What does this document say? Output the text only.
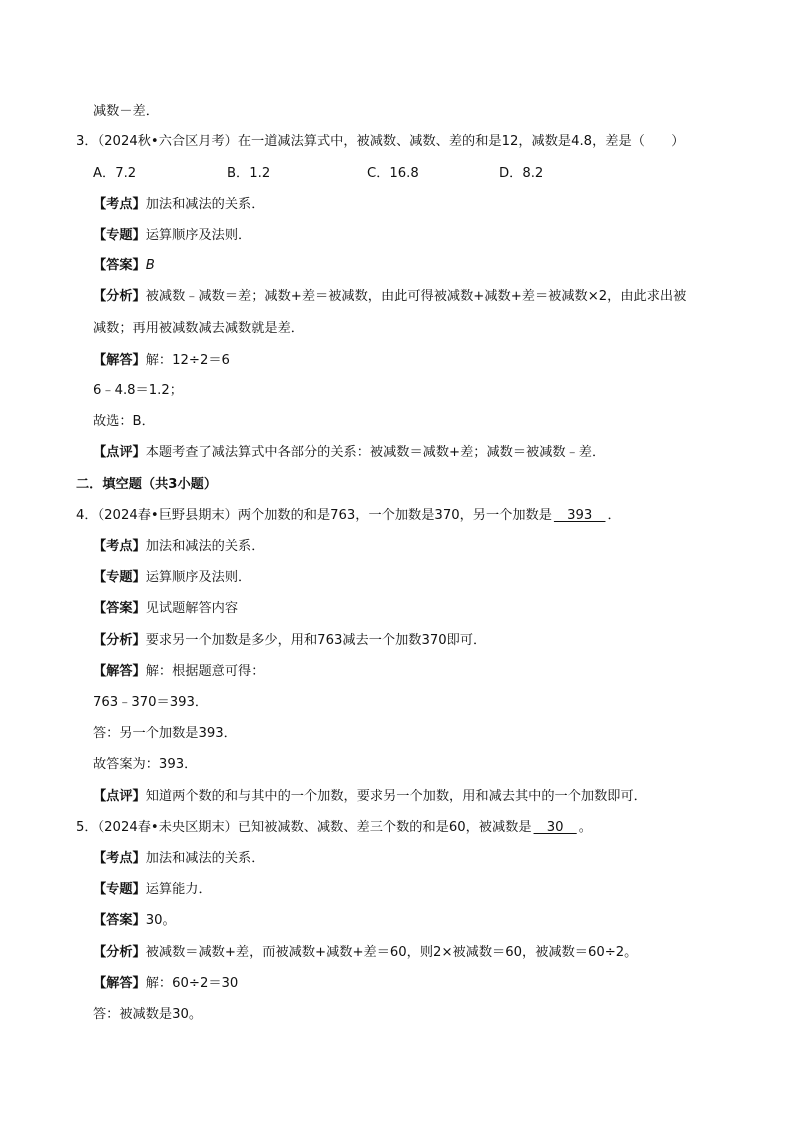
减数－差．
3．（2024秋•六合区月考）在一道减法算式中，被减数、减数、差的和是12，减数是4.8，差是（　　）
A．7.2	B．1.2	C．16.8	D．8.2
【考点】加法和减法的关系．
【专题】运算顺序及法则．
【答案】B
【分析】被减数﹣减数＝差；减数+差＝被减数，由此可得被减数+减数+差＝被减数×2，由此求出被
减数；再用被减数减去减数就是差．
【解答】解：12÷2＝6
6﹣4.8＝1.2；
故选：B．
【点评】本题考查了减法算式中各部分的关系：被减数＝减数+差；减数＝被减数﹣差．
二．填空题（共3小题）
4．（2024春•巨野县期末）两个加数的和是763，一个加数是370，另一个加数是　393　．
【考点】加法和减法的关系．
【专题】运算顺序及法则．
【答案】见试题解答内容
【分析】要求另一个加数是多少，用和763减去一个加数370即可．
【解答】解：根据题意可得：
763﹣370＝393．
答：另一个加数是393．
故答案为：393．
【点评】知道两个数的和与其中的一个加数，要求另一个加数，用和减去其中的一个加数即可．
5．（2024春•未央区期末）已知被减数、减数、差三个数的和是60，被减数是　30　。
【考点】加法和减法的关系．
【专题】运算能力．
【答案】30。
【分析】被减数＝减数+差，而被减数+减数+差＝60，则2×被减数＝60，被减数＝60÷2。
【解答】解：60÷2＝30
答：被减数是30。
